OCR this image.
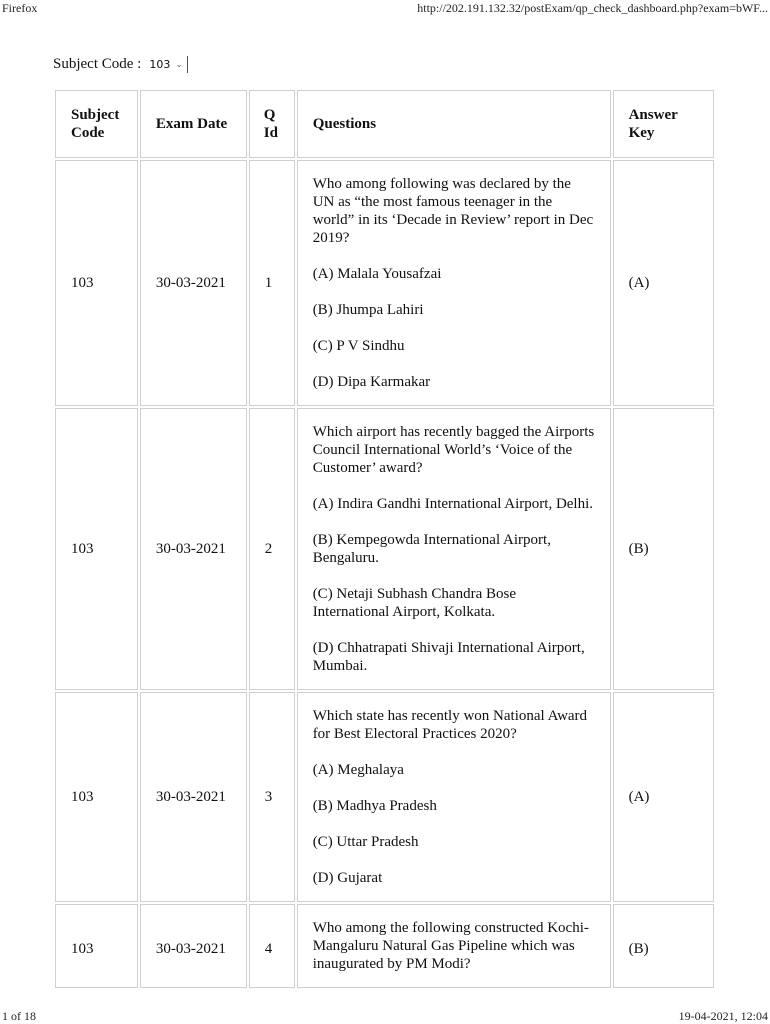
Firefox	http://202.191.132.32/postExam/qp_check_dashboard.php?exam=bWF...
Subject Code : 103 ⌄
Subject Code	Exam Date	Q Id	Questions	Answer Key
103	30-03-2021	1	Who among following was declared by the UN as “the most famous teenager in the world” in its ‘Decade in Review’ report in Dec 2019?

(A) Malala Yousafzai

(B) Jhumpa Lahiri

(C) P V Sindhu

(D) Dipa Karmakar	(A)
103	30-03-2021	2	Which airport has recently bagged the Airports Council International World’s ‘Voice of the Customer’ award?

(A) Indira Gandhi International Airport, Delhi.

(B) Kempegowda International Airport, Bengaluru.

(C) Netaji Subhash Chandra Bose International Airport, Kolkata.

(D) Chhatrapati Shivaji International Airport, Mumbai.	(B)
103	30-03-2021	3	Which state has recently won National Award for Best Electoral Practices 2020?

(A) Meghalaya

(B) Madhya Pradesh

(C) Uttar Pradesh

(D) Gujarat	(A)
103	30-03-2021	4	Who among the following constructed Kochi-Mangaluru Natural Gas Pipeline which was inaugurated by PM Modi?	(B)
1 of 18	19-04-2021, 12:04
